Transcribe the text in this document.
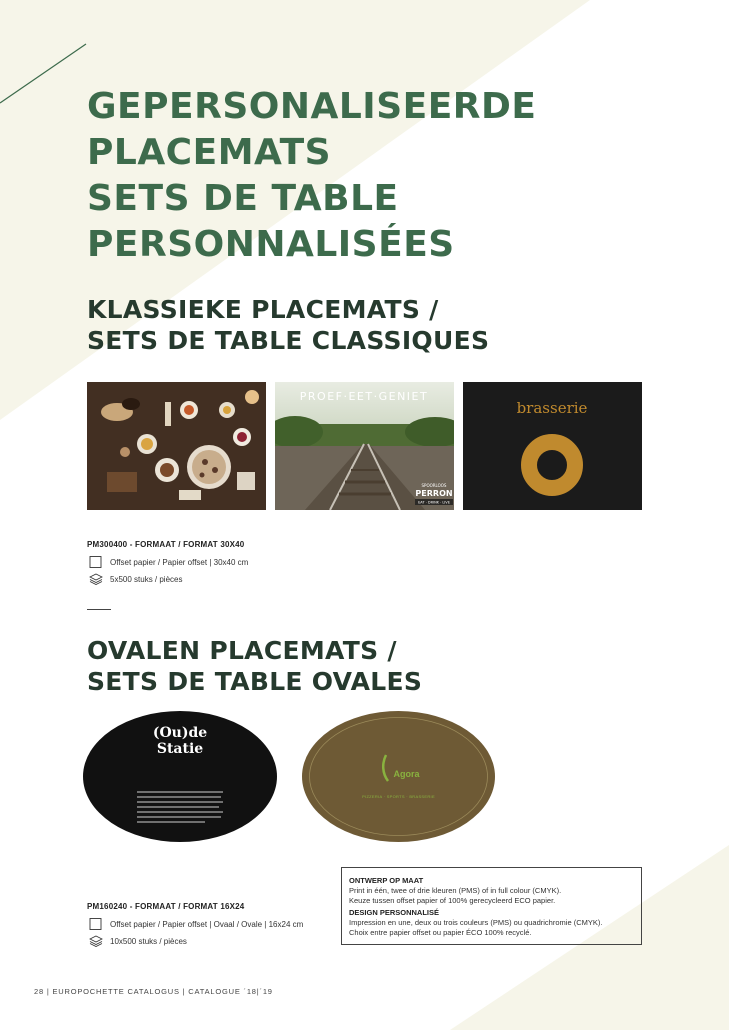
GEPERSONALISEERDE
PLACEMATS
SETS DE TABLE
PERSONNALISÉES
KLASSIEKE PLACEMATS /
SETS DE TABLE CLASSIQUES
PROEF·EET·GENIET
SPOORLOOS
PERRON
EAT · DRINK · LIVE
brasserie
PM300400 - FORMAAT / FORMAT 30X40
Offset papier / Papier offset | 30x40 cm
5x500 stuks / pièces
OVALEN PLACEMATS /
SETS DE TABLE OVALES
(Ou)de
Statie
Agora
PIZZERIA · SPORTS · BRASSERIE
ONTWERP OP MAAT
Print in één, twee of drie kleuren (PMS) of in full colour (CMYK).
Keuze tussen offset papier of 100% gerecycleerd ECO papier.
DESIGN PERSONNALISÉ
Impression en une, deux ou trois couleurs (PMS) ou quadrichromie (CMYK).
Choix entre papier offset ou papier ÉCO 100% recyclé.
PM160240 - FORMAAT / FORMAT 16X24
Offset papier / Papier offset | Ovaal / Ovale | 16x24 cm
10x500 stuks / pièces
28 | EUROPOCHETTE CATALOGUS | CATALOGUE ´18|´19
